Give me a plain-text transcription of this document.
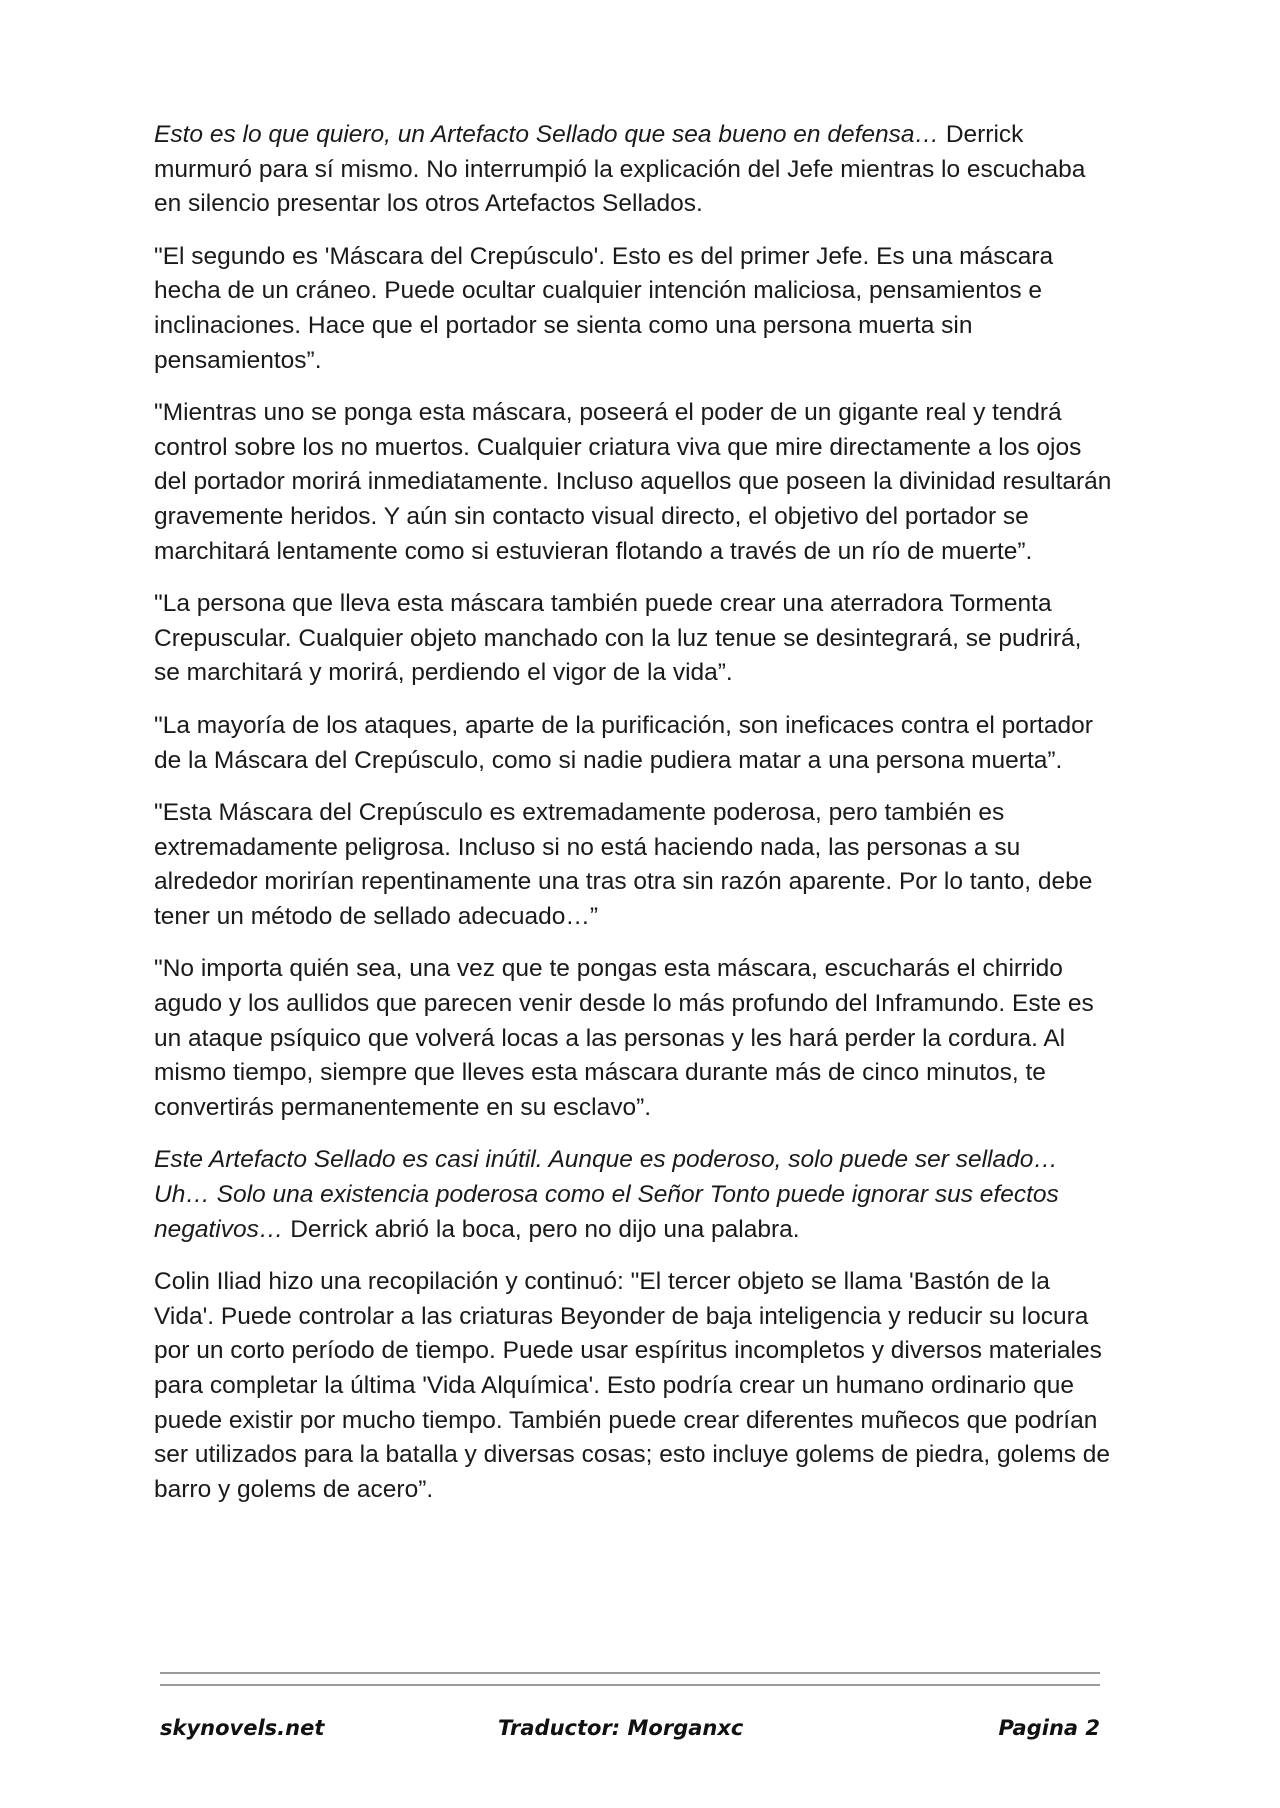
Esto es lo que quiero, un Artefacto Sellado que sea bueno en defensa… Derrick murmuró para sí mismo. No interrumpió la explicación del Jefe mientras lo escuchaba en silencio presentar los otros Artefactos Sellados.

"El segundo es 'Máscara del Crepúsculo'. Esto es del primer Jefe. Es una máscara hecha de un cráneo. Puede ocultar cualquier intención maliciosa, pensamientos e inclinaciones. Hace que el portador se sienta como una persona muerta sin pensamientos”.

"Mientras uno se ponga esta máscara, poseerá el poder de un gigante real y tendrá control sobre los no muertos. Cualquier criatura viva que mire directamente a los ojos del portador morirá inmediatamente. Incluso aquellos que poseen la divinidad resultarán gravemente heridos. Y aún sin contacto visual directo, el objetivo del portador se marchitará lentamente como si estuvieran flotando a través de un río de muerte”.

"La persona que lleva esta máscara también puede crear una aterradora Tormenta Crepuscular. Cualquier objeto manchado con la luz tenue se desintegrará, se pudrirá, se marchitará y morirá, perdiendo el vigor de la vida”.

"La mayoría de los ataques, aparte de la purificación, son ineficaces contra el portador de la Máscara del Crepúsculo, como si nadie pudiera matar a una persona muerta”.

"Esta Máscara del Crepúsculo es extremadamente poderosa, pero también es extremadamente peligrosa. Incluso si no está haciendo nada, las personas a su alrededor morirían repentinamente una tras otra sin razón aparente. Por lo tanto, debe tener un método de sellado adecuado…”

"No importa quién sea, una vez que te pongas esta máscara, escucharás el chirrido agudo y los aullidos que parecen venir desde lo más profundo del Inframundo. Este es un ataque psíquico que volverá locas a las personas y les hará perder la cordura. Al mismo tiempo, siempre que lleves esta máscara durante más de cinco minutos, te convertirás permanentemente en su esclavo”.

Este Artefacto Sellado es casi inútil. Aunque es poderoso, solo puede ser sellado… Uh… Solo una existencia poderosa como el Señor Tonto puede ignorar sus efectos negativos… Derrick abrió la boca, pero no dijo una palabra.

Colin Iliad hizo una recopilación y continuó: "El tercer objeto se llama 'Bastón de la Vida'. Puede controlar a las criaturas Beyonder de baja inteligencia y reducir su locura por un corto período de tiempo. Puede usar espíritus incompletos y diversos materiales para completar la última 'Vida Alquímica'. Esto podría crear un humano ordinario que puede existir por mucho tiempo. También puede crear diferentes muñecos que podrían ser utilizados para la batalla y diversas cosas; esto incluye golems de piedra, golems de barro y golems de acero”.

skynovels.net	Traductor: Morganxc	Pagina 2
